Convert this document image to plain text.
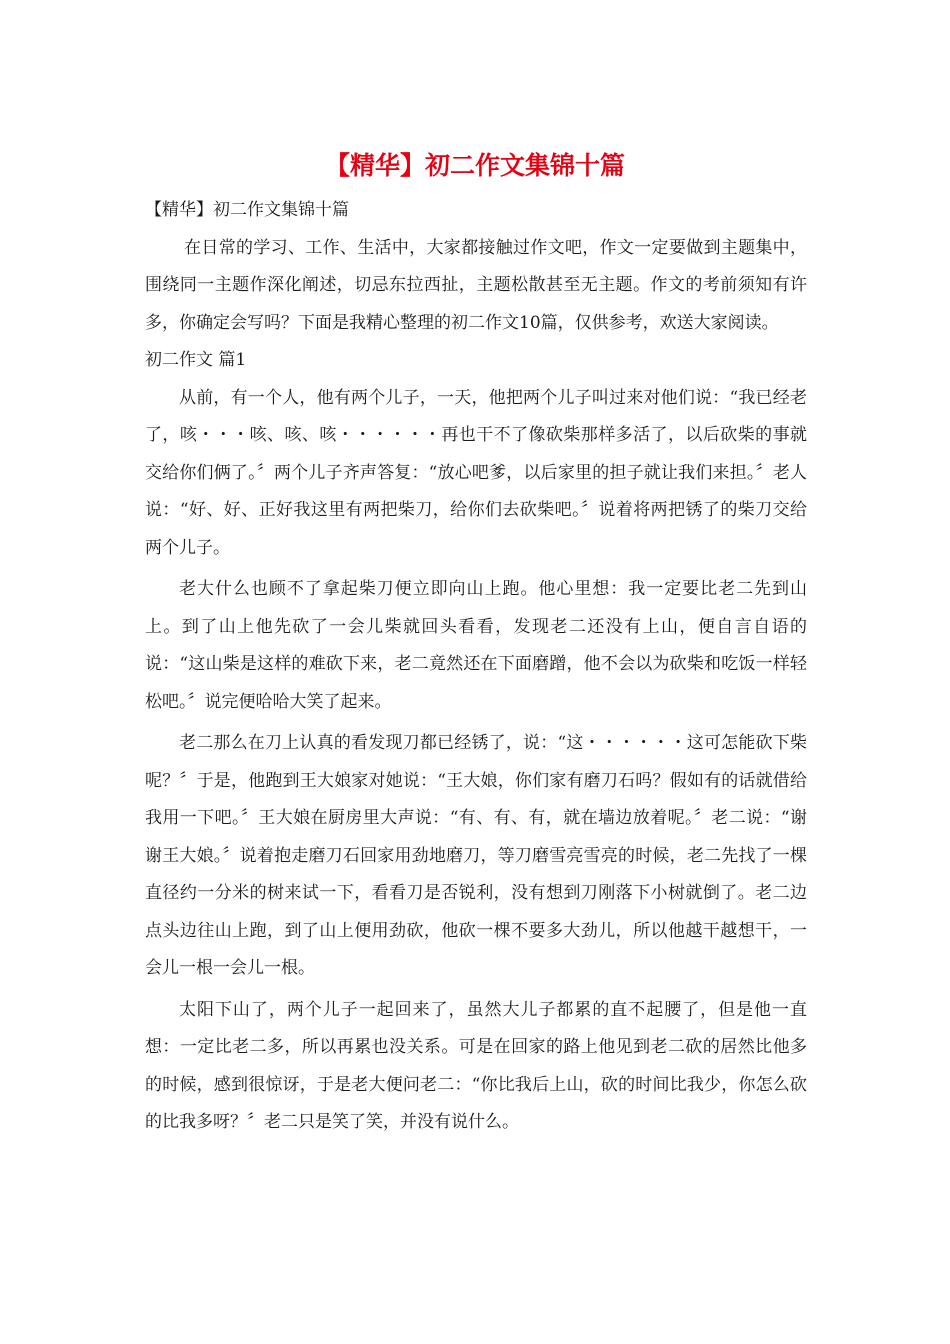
【精华】初二作文集锦十篇

【精华】初二作文集锦十篇

在日常的学习、工作、生活中，大家都接触过作文吧，作文一定要做到主题集中，围绕同一主题作深化阐述，切忌东拉西扯，主题松散甚至无主题。作文的考前须知有许多，你确定会写吗？下面是我精心整理的初二作文10篇，仅供参考，欢送大家阅读。

初二作文 篇1

从前，有一个人，他有两个儿子，一天，他把两个儿子叫过来对他们说：“我已经老了，咳・・・咳、咳、咳・・・・・・再也干不了像砍柴那样多活了，以后砍柴的事就交给你们俩了。〞两个儿子齐声答复：“放心吧爹，以后家里的担子就让我们来担。〞老人说：“好、好、正好我这里有两把柴刀，给你们去砍柴吧。〞说着将两把锈了的柴刀交给两个儿子。

老大什么也顾不了拿起柴刀便立即向山上跑。他心里想：我一定要比老二先到山上。到了山上他先砍了一会儿柴就回头看看，发现老二还没有上山，便自言自语的说：“这山柴是这样的难砍下来，老二竟然还在下面磨蹭，他不会以为砍柴和吃饭一样轻松吧。〞说完便哈哈大笑了起来。

老二那么在刀上认真的看发现刀都已经锈了，说：“这・・・・・・这可怎能砍下柴呢？〞于是，他跑到王大娘家对她说：“王大娘，你们家有磨刀石吗？假如有的话就借给我用一下吧。〞王大娘在厨房里大声说：“有、有、有，就在墙边放着呢。〞老二说：“谢谢王大娘。〞说着抱走磨刀石回家用劲地磨刀，等刀磨雪亮雪亮的时候，老二先找了一棵直径约一分米的树来试一下，看看刀是否锐利，没有想到刀刚落下小树就倒了。老二边点头边往山上跑，到了山上便用劲砍，他砍一棵不要多大劲儿，所以他越干越想干，一会儿一根一会儿一根。

太阳下山了，两个儿子一起回来了，虽然大儿子都累的直不起腰了，但是他一直想：一定比老二多，所以再累也没关系。可是在回家的路上他见到老二砍的居然比他多的时候，感到很惊讶，于是老大便问老二：“你比我后上山，砍的时间比我少，你怎么砍的比我多呀？〞老二只是笑了笑，并没有说什么。
